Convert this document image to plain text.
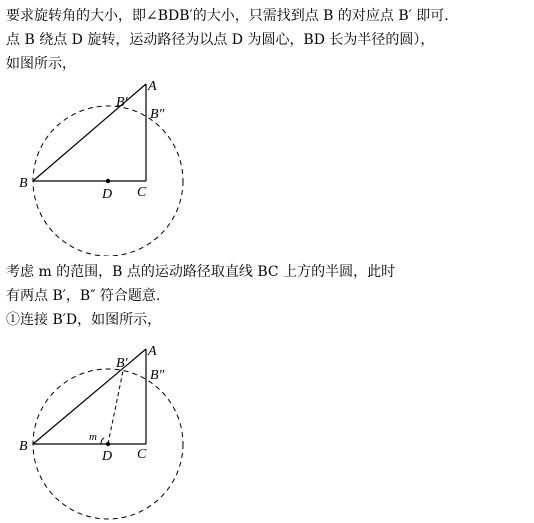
要求旋转角的大小，即∠BDB′的大小，只需找到点 B 的对应点 B′ 即可.
点 B 绕点 D 旋转，运动路径为以点 D 为圆心，BD 长为半径的圆），
如图所示，
A
B′
B″
B
D C
考虑 m 的范围，B 点的运动路径取直线 BC 上方的半圆，此时
有两点 B′，B″ 符合题意.
①连接 B′D，如图所示，
A
B′
B″
B
m
D C
